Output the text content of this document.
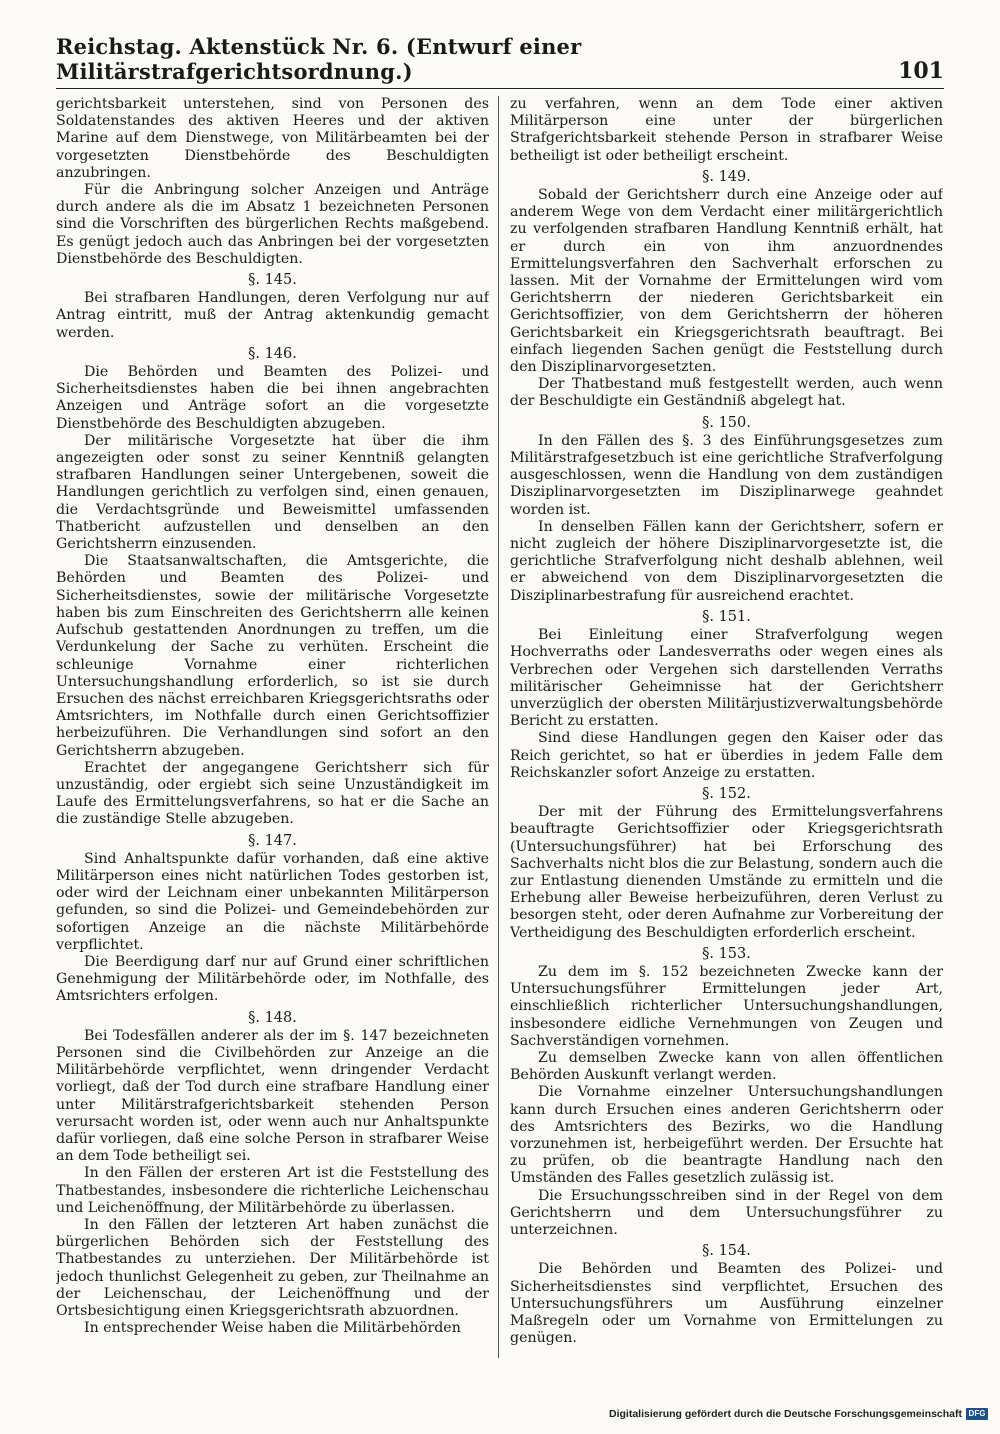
Reichstag. Aktenstück Nr. 6. (Entwurf einer Militärstrafgerichtsordnung.)	101

gerichtsbarkeit unterstehen, sind von Personen des Soldatenstandes des aktiven Heeres und der aktiven Marine auf dem Dienstwege, von Militärbeamten bei der vorgesetzten Dienstbehörde des Beschuldigten anzubringen.

Für die Anbringung solcher Anzeigen und Anträge durch andere als die im Absatz 1 bezeichneten Personen sind die Vorschriften des bürgerlichen Rechts maßgebend. Es genügt jedoch auch das Anbringen bei der vorgesetzten Dienstbehörde des Beschuldigten.

§. 145.

Bei strafbaren Handlungen, deren Verfolgung nur auf Antrag eintritt, muß der Antrag aktenkundig gemacht werden.

§. 146.

Die Behörden und Beamten des Polizei- und Sicherheitsdienstes haben die bei ihnen angebrachten Anzeigen und Anträge sofort an die vorgesetzte Dienstbehörde des Beschuldigten abzugeben.

Der militärische Vorgesetzte hat über die ihm angezeigten oder sonst zu seiner Kenntniß gelangten strafbaren Handlungen seiner Untergebenen, soweit die Handlungen gerichtlich zu verfolgen sind, einen genauen, die Verdachtsgründe und Beweismittel umfassenden Thatbericht aufzustellen und denselben an den Gerichtsherrn einzusenden.

Die Staatsanwaltschaften, die Amtsgerichte, die Behörden und Beamten des Polizei- und Sicherheitsdienstes, sowie der militärische Vorgesetzte haben bis zum Einschreiten des Gerichtsherrn alle keinen Aufschub gestattenden Anordnungen zu treffen, um die Verdunkelung der Sache zu verhüten. Erscheint die schleunige Vornahme einer richterlichen Untersuchungshandlung erforderlich, so ist sie durch Ersuchen des nächst erreichbaren Kriegsgerichtsraths oder Amtsrichters, im Nothfalle durch einen Gerichtsoffizier herbeizuführen. Die Verhandlungen sind sofort an den Gerichtsherrn abzugeben.

Erachtet der angegangene Gerichtsherr sich für unzuständig, oder ergiebt sich seine Unzuständigkeit im Laufe des Ermittelungsverfahrens, so hat er die Sache an die zuständige Stelle abzugeben.

§. 147.

Sind Anhaltspunkte dafür vorhanden, daß eine aktive Militärperson eines nicht natürlichen Todes gestorben ist, oder wird der Leichnam einer unbekannten Militärperson gefunden, so sind die Polizei- und Gemeindebehörden zur sofortigen Anzeige an die nächste Militärbehörde verpflichtet.

Die Beerdigung darf nur auf Grund einer schriftlichen Genehmigung der Militärbehörde oder, im Nothfalle, des Amtsrichters erfolgen.

§. 148.

Bei Todesfällen anderer als der im §. 147 bezeichneten Personen sind die Civilbehörden zur Anzeige an die Militärbehörde verpflichtet, wenn dringender Verdacht vorliegt, daß der Tod durch eine strafbare Handlung einer unter Militärstrafgerichtsbarkeit stehenden Person verursacht worden ist, oder wenn auch nur Anhaltspunkte dafür vorliegen, daß eine solche Person in strafbarer Weise an dem Tode betheiligt sei.

In den Fällen der ersteren Art ist die Feststellung des Thatbestandes, insbesondere die richterliche Leichenschau und Leichenöffnung, der Militärbehörde zu überlassen.

In den Fällen der letzteren Art haben zunächst die bürgerlichen Behörden sich der Feststellung des Thatbestandes zu unterziehen. Der Militärbehörde ist jedoch thunlichst Gelegenheit zu geben, zur Theilnahme an der Leichenschau, der Leichenöffnung und der Ortsbesichtigung einen Kriegsgerichtsrath abzuordnen.

In entsprechender Weise haben die Militärbehörden

zu verfahren, wenn an dem Tode einer aktiven Militärperson eine unter der bürgerlichen Strafgerichtsbarkeit stehende Person in strafbarer Weise betheiligt ist oder betheiligt erscheint.

§. 149.

Sobald der Gerichtsherr durch eine Anzeige oder auf anderem Wege von dem Verdacht einer militärgerichtlich zu verfolgenden strafbaren Handlung Kenntniß erhält, hat er durch ein von ihm anzuordnendes Ermittelungsverfahren den Sachverhalt erforschen zu lassen. Mit der Vornahme der Ermittelungen wird vom Gerichtsherrn der niederen Gerichtsbarkeit ein Gerichtsoffizier, von dem Gerichtsherrn der höheren Gerichtsbarkeit ein Kriegsgerichtsrath beauftragt. Bei einfach liegenden Sachen genügt die Feststellung durch den Disziplinarvorgesetzten.

Der Thatbestand muß festgestellt werden, auch wenn der Beschuldigte ein Geständniß abgelegt hat.

§. 150.

In den Fällen des §. 3 des Einführungsgesetzes zum Militärstrafgesetzbuch ist eine gerichtliche Strafverfolgung ausgeschlossen, wenn die Handlung von dem zuständigen Disziplinarvorgesetzten im Disziplinarwege geahndet worden ist.

In denselben Fällen kann der Gerichtsherr, sofern er nicht zugleich der höhere Disziplinarvorgesetzte ist, die gerichtliche Strafverfolgung nicht deshalb ablehnen, weil er abweichend von dem Disziplinarvorgesetzten die Disziplinarbestrafung für ausreichend erachtet.

§. 151.

Bei Einleitung einer Strafverfolgung wegen Hochverraths oder Landesverraths oder wegen eines als Verbrechen oder Vergehen sich darstellenden Verraths militärischer Geheimnisse hat der Gerichtsherr unverzüglich der obersten Militärjustizverwaltungsbehörde Bericht zu erstatten.

Sind diese Handlungen gegen den Kaiser oder das Reich gerichtet, so hat er überdies in jedem Falle dem Reichskanzler sofort Anzeige zu erstatten.

§. 152.

Der mit der Führung des Ermittelungsverfahrens beauftragte Gerichtsoffizier oder Kriegsgerichtsrath (Untersuchungsführer) hat bei Erforschung des Sachverhalts nicht blos die zur Belastung, sondern auch die zur Entlastung dienenden Umstände zu ermitteln und die Erhebung aller Beweise herbeizuführen, deren Verlust zu besorgen steht, oder deren Aufnahme zur Vorbereitung der Vertheidigung des Beschuldigten erforderlich erscheint.

§. 153.

Zu dem im §. 152 bezeichneten Zwecke kann der Untersuchungsführer Ermittelungen jeder Art, einschließlich richterlicher Untersuchungshandlungen, insbesondere eidliche Vernehmungen von Zeugen und Sachverständigen vornehmen.

Zu demselben Zwecke kann von allen öffentlichen Behörden Auskunft verlangt werden.

Die Vornahme einzelner Untersuchungshandlungen kann durch Ersuchen eines anderen Gerichtsherrn oder des Amtsrichters des Bezirks, wo die Handlung vorzunehmen ist, herbeigeführt werden. Der Ersuchte hat zu prüfen, ob die beantragte Handlung nach den Umständen des Falles gesetzlich zulässig ist.

Die Ersuchungsschreiben sind in der Regel von dem Gerichtsherrn und dem Untersuchungsführer zu unterzeichnen.

§. 154.

Die Behörden und Beamten des Polizei- und Sicherheitsdienstes sind verpflichtet, Ersuchen des Untersuchungsführers um Ausführung einzelner Maßregeln oder um Vornahme von Ermittelungen zu genügen.

Digitalisierung gefördert durch die Deutsche Forschungsgemeinschaft DFG
